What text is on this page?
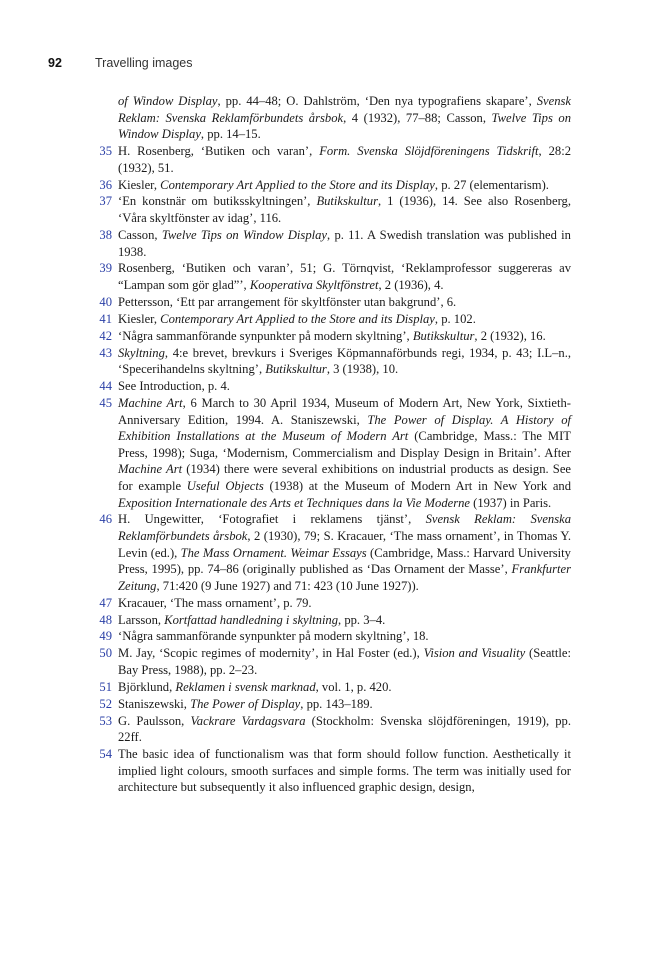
92	Travelling images
of Window Display, pp. 44–48; O. Dahlström, ‘Den nya typografiens skapare’, Svensk Reklam: Svenska Reklamförbundets årsbok, 4 (1932), 77–88; Casson, Twelve Tips on Window Display, pp. 14–15.
35 H. Rosenberg, ‘Butiken och varan’, Form. Svenska Slöjdföreningens Tidskrift, 28:2 (1932), 51.
36 Kiesler, Contemporary Art Applied to the Store and its Display, p. 27 (elementarism).
37 ‘En konstnär om butiksskyltningen’, Butikskultur, 1 (1936), 14. See also Rosenberg, ‘Våra skyltfönster av idag’, 116.
38 Casson, Twelve Tips on Window Display, p. 11. A Swedish translation was published in 1938.
39 Rosenberg, ‘Butiken och varan’, 51; G. Törnqvist, ‘Reklamprofessor suggereras av “Lampan som gör glad”’, Kooperativa Skyltfönstret, 2 (1936), 4.
40 Pettersson, ‘Ett par arrangement för skyltfönster utan bakgrund’, 6.
41 Kiesler, Contemporary Art Applied to the Store and its Display, p. 102.
42 ‘Några sammanförande synpunkter på modern skyltning’, Butikskultur, 2 (1932), 16.
43 Skyltning, 4:e brevet, brevkurs i Sveriges Köpmannaförbunds regi, 1934, p. 43; I.L–n., ‘Specerihandelns skyltning’, Butikskultur, 3 (1938), 10.
44 See Introduction, p. 4.
45 Machine Art, 6 March to 30 April 1934, Museum of Modern Art, New York, Sixtieth-Anniversary Edition, 1994. A. Staniszewski, The Power of Display. A History of Exhibition Installations at the Museum of Modern Art (Cambridge, Mass.: The MIT Press, 1998); Suga, ‘Modernism, Commercialism and Display Design in Britain’. After Machine Art (1934) there were several exhibitions on industrial products as design. See for example Useful Objects (1938) at the Museum of Modern Art in New York and Exposition Internationale des Arts et Techniques dans la Vie Moderne (1937) in Paris.
46 H. Ungewitter, ‘Fotografiet i reklamens tjänst’, Svensk Reklam: Svenska Reklamförbundets årsbok, 2 (1930), 79; S. Kracauer, ‘The mass ornament’, in Thomas Y. Levin (ed.), The Mass Ornament. Weimar Essays (Cambridge, Mass.: Harvard University Press, 1995), pp. 74–86 (originally published as ‘Das Ornament der Masse’, Frankfurter Zeitung, 71:420 (9 June 1927) and 71: 423 (10 June 1927)).
47 Kracauer, ‘The mass ornament’, p. 79.
48 Larsson, Kortfattad handledning i skyltning, pp. 3–4.
49 ‘Några sammanförande synpunkter på modern skyltning’, 18.
50 M. Jay, ‘Scopic regimes of modernity’, in Hal Foster (ed.), Vision and Visuality (Seattle: Bay Press, 1988), pp. 2–23.
51 Björklund, Reklamen i svensk marknad, vol. 1, p. 420.
52 Staniszewski, The Power of Display, pp. 143–189.
53 G. Paulsson, Vackrare Vardagsvara (Stockholm: Svenska slöjdföreningen, 1919), pp. 22ff.
54 The basic idea of functionalism was that form should follow function. Aesthetically it implied light colours, smooth surfaces and simple forms. The term was initially used for architecture but subsequently it also influenced graphic design, design,
